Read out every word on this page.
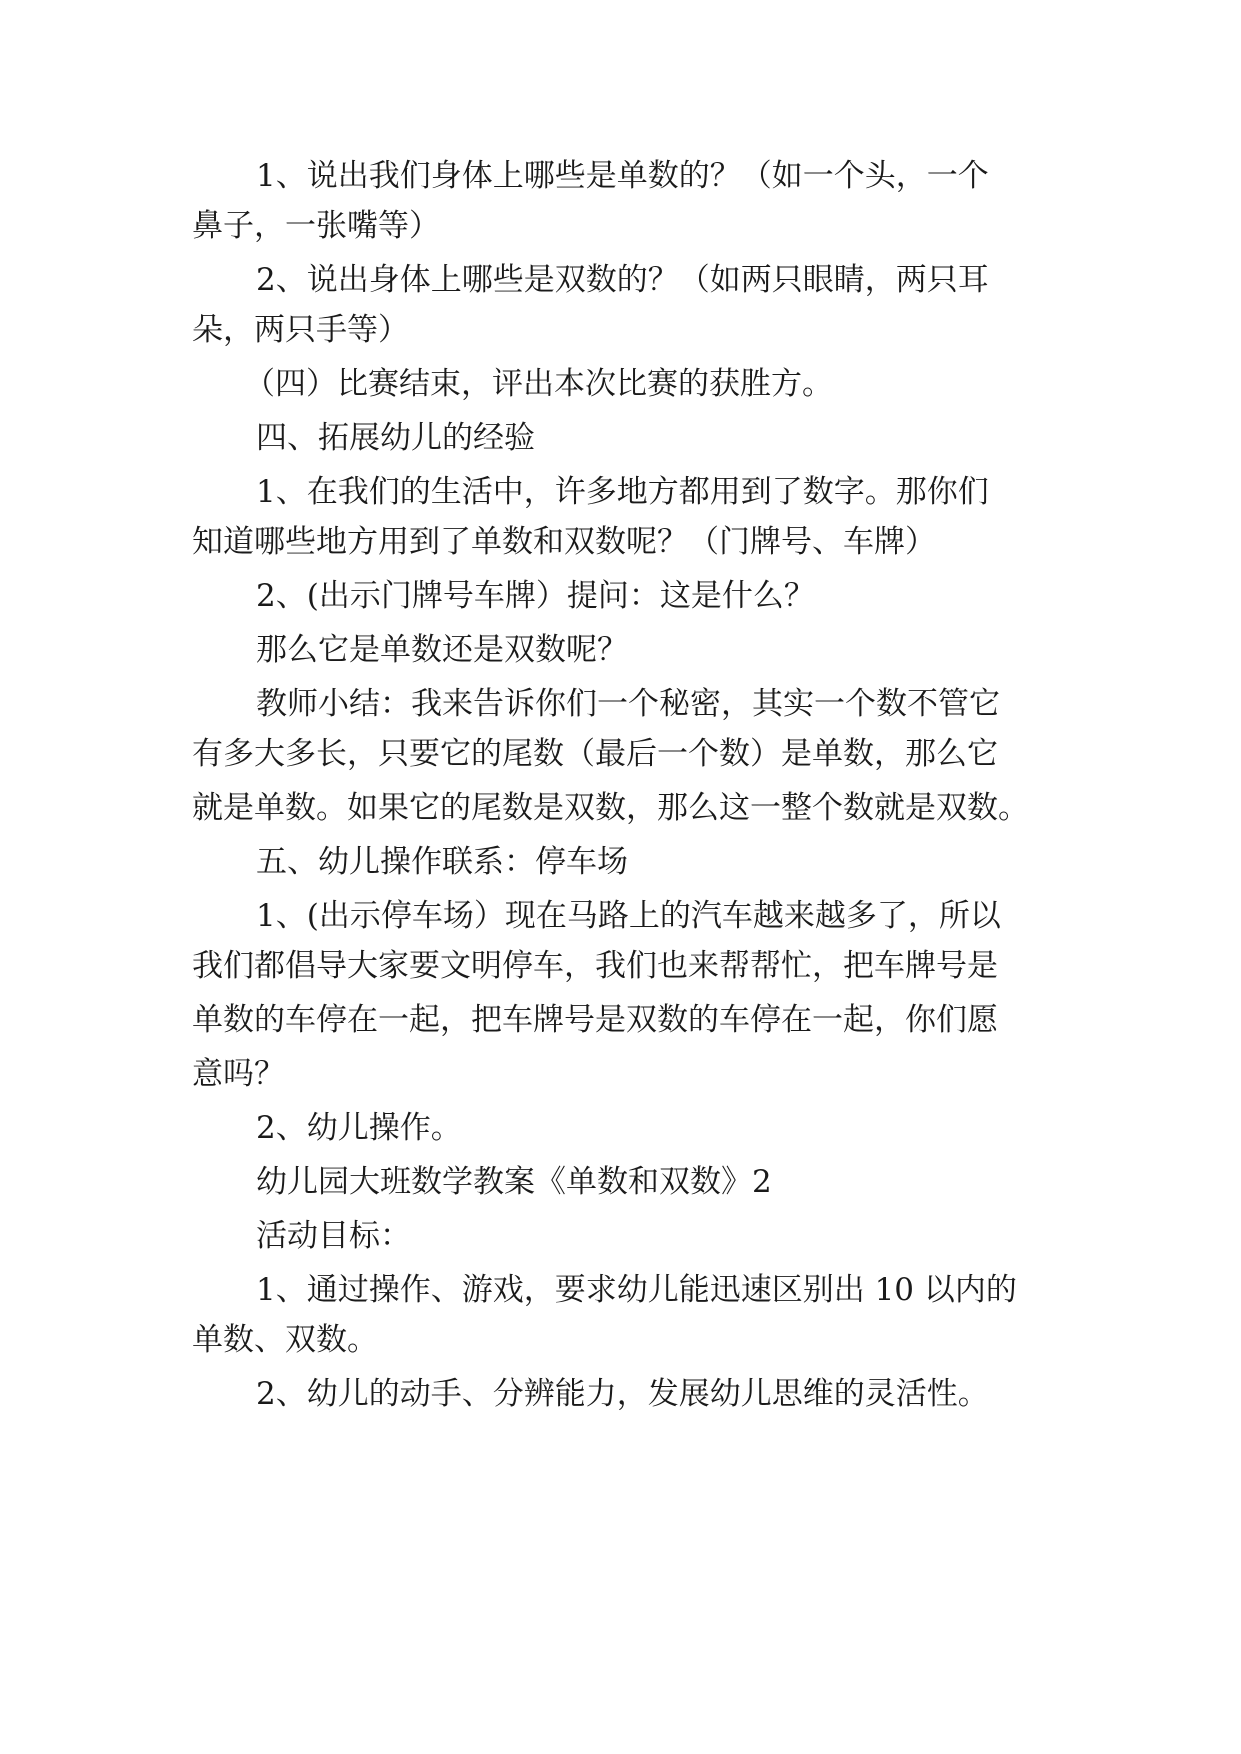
1、说出我们身体上哪些是单数的？（如一个头，一个
鼻子，一张嘴等）
2、说出身体上哪些是双数的？（如两只眼睛，两只耳
朵，两只手等）
（四）比赛结束，评出本次比赛的获胜方。
四、拓展幼儿的经验
1、在我们的生活中，许多地方都用到了数字。那你们
知道哪些地方用到了单数和双数呢？（门牌号、车牌）
2、(出示门牌号车牌）提问：这是什么？
那么它是单数还是双数呢？
教师小结：我来告诉你们一个秘密，其实一个数不管它
有多大多长，只要它的尾数（最后一个数）是单数，那么它
就是单数。如果它的尾数是双数，那么这一整个数就是双数。
五、幼儿操作联系：停车场
1、(出示停车场）现在马路上的汽车越来越多了，所以
我们都倡导大家要文明停车，我们也来帮帮忙，把车牌号是
单数的车停在一起，把车牌号是双数的车停在一起，你们愿
意吗？
2、幼儿操作。
幼儿园大班数学教案《单数和双数》2
活动目标：
1、通过操作、游戏，要求幼儿能迅速区别出 10 以内的
单数、双数。
2、幼儿的动手、分辨能力，发展幼儿思维的灵活性。
